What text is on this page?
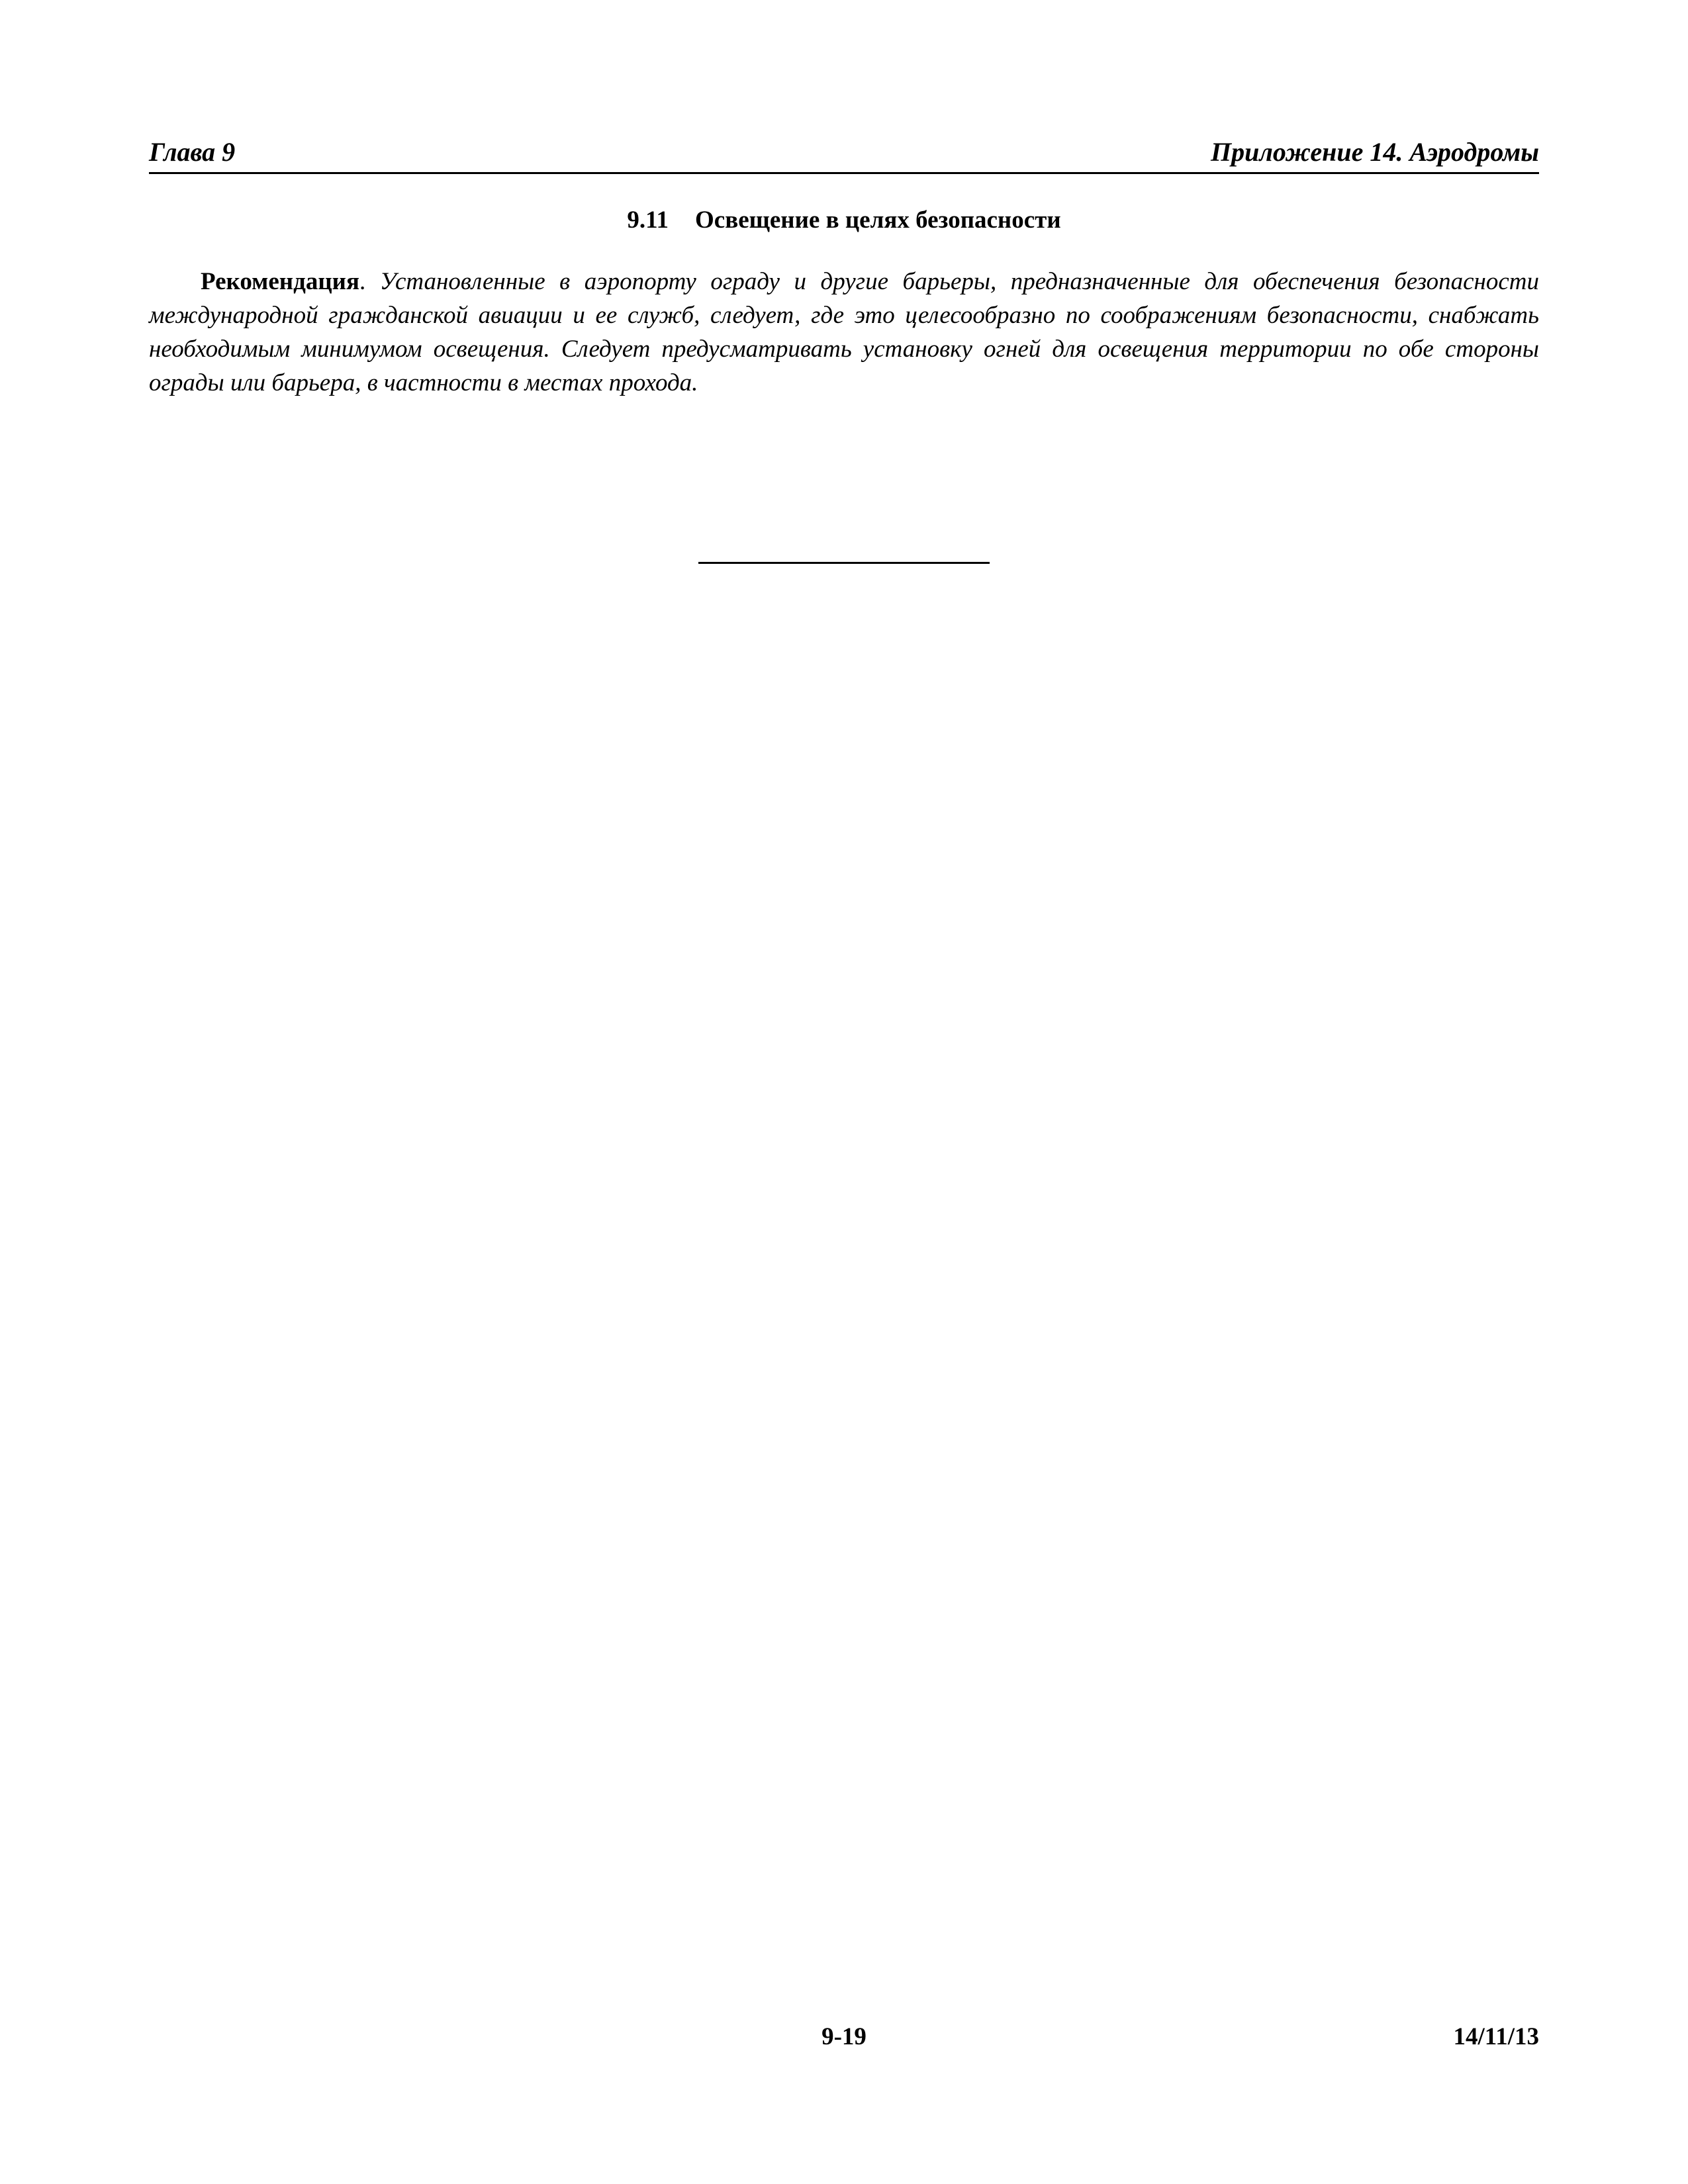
Глава 9	Приложение 14. Аэродромы
9.11 Освещение в целях безопасности

Рекомендация. Установленные в аэропорту ограду и другие барьеры, предназначенные для обеспечения безопасности международной гражданской авиации и ее служб, следует, где это целесообразно по соображениям безопасности, снабжать необходимым минимумом освещения. Следует предусматривать установку огней для освещения территории по обе стороны ограды или барьера, в частности в местах прохода.

9-19	14/11/13
